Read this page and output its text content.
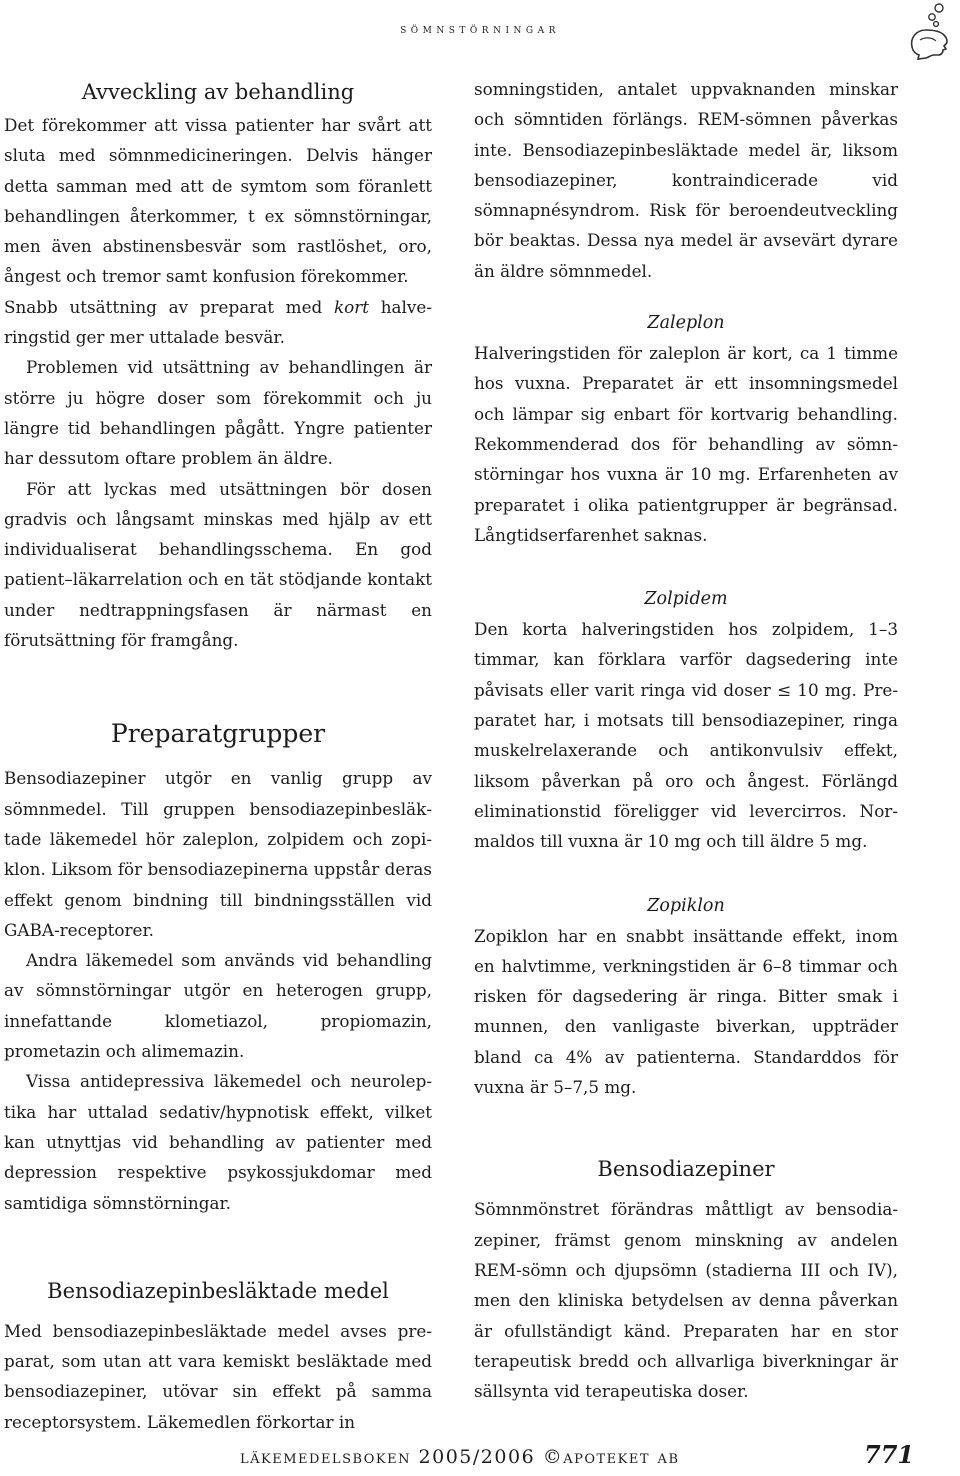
sömnstörningar
Avveckling av behandling

Det förekommer att vissa patienter har svårt att sluta med sömnmedicineringen. Delvis hänger detta samman med att de symtom som föranlett behandlingen återkommer, t ex sömnstörningar, men även abstinensbesvär som rastlöshet, oro, ångest och tremor samt konfusion förekommer.

Snabb utsättning av preparat med kort halveringstid ger mer uttalade besvär.

Problemen vid utsättning av behandlingen är större ju högre doser som förekommit och ju längre tid behandlingen pågått. Yngre patienter har dessutom oftare problem än äldre.

För att lyckas med utsättningen bör dosen gradvis och långsamt minskas med hjälp av ett individualiserat behandlingsschema. En god patient–läkarrelation och en tät stödjande kontakt under nedtrappningsfasen är närmast en förutsättning för framgång.

Preparatgrupper

Bensodiazepiner utgör en vanlig grupp av sömnmedel. Till gruppen bensodiazepinbesläktade läkemedel hör zaleplon, zolpidem och zopiklon. Liksom för bensodiazepinerna uppstår deras effekt genom bindning till bindningsställen vid GABA-receptorer.

Andra läkemedel som används vid behandling av sömnstörningar utgör en heterogen grupp, innefattande klometiazol, propiomazin, prometazin och alimemazin.

Vissa antidepressiva läkemedel och neuroleptika har uttalad sedativ/hypnotisk effekt, vilket kan utnyttjas vid behandling av patienter med depression respektive psykossjukdomar med samtidiga sömnstörningar.

Bensodiazepinbesläktade medel

Med bensodiazepinbesläktade medel avses preparat, som utan att vara kemiskt besläktade med bensodiazepiner, utövar sin effekt på samma receptorsystem. Läkemedlen förkortar in

somningstiden, antalet uppvaknanden minskar och sömntiden förlängs. REM-sömnen påverkas inte. Bensodiazepinbesläktade medel är, liksom bensodiazepiner, kontraindicerade vid sömnapnésyndrom. Risk för beroendeutveckling bör beaktas. Dessa nya medel är avsevärt dyrare än äldre sömnmedel.

Zaleplon

Halveringstiden för zaleplon är kort, ca 1 timme hos vuxna. Preparatet är ett insomningsmedel och lämpar sig enbart för kortvarig behandling. Rekommenderad dos för behandling av sömnstörningar hos vuxna är 10 mg. Erfarenheten av preparatet i olika patientgrupper är begränsad. Långtidserfarenhet saknas.

Zolpidem

Den korta halveringstiden hos zolpidem, 1–3 timmar, kan förklara varför dagsedering inte påvisats eller varit ringa vid doser ≤ 10 mg. Preparatet har, i motsats till bensodiazepiner, ringa muskelrelaxerande och antikonvulsiv effekt, liksom påverkan på oro och ångest. Förlängd eliminationstid föreligger vid levercirros. Normaldos till vuxna är 10 mg och till äldre 5 mg.

Zopiklon

Zopiklon har en snabbt insättande effekt, inom en halvtimme, verkningstiden är 6–8 timmar och risken för dagsedering är ringa. Bitter smak i munnen, den vanligaste biverkan, uppträder bland ca 4% av patienterna. Standarddos för vuxna är 5–7,5 mg.

Bensodiazepiner

Sömnmönstret förändras måttligt av bensodiazepiner, främst genom minskning av andelen REM-sömn och djupsömn (stadierna III och IV), men den kliniska betydelsen av denna påverkan är ofullständigt känd. Preparaten har en stor terapeutisk bredd och allvarliga biverkningar är sällsynta vid terapeutiska doser.

läkemedelsboken 2005/2006 ©apoteket ab	771
